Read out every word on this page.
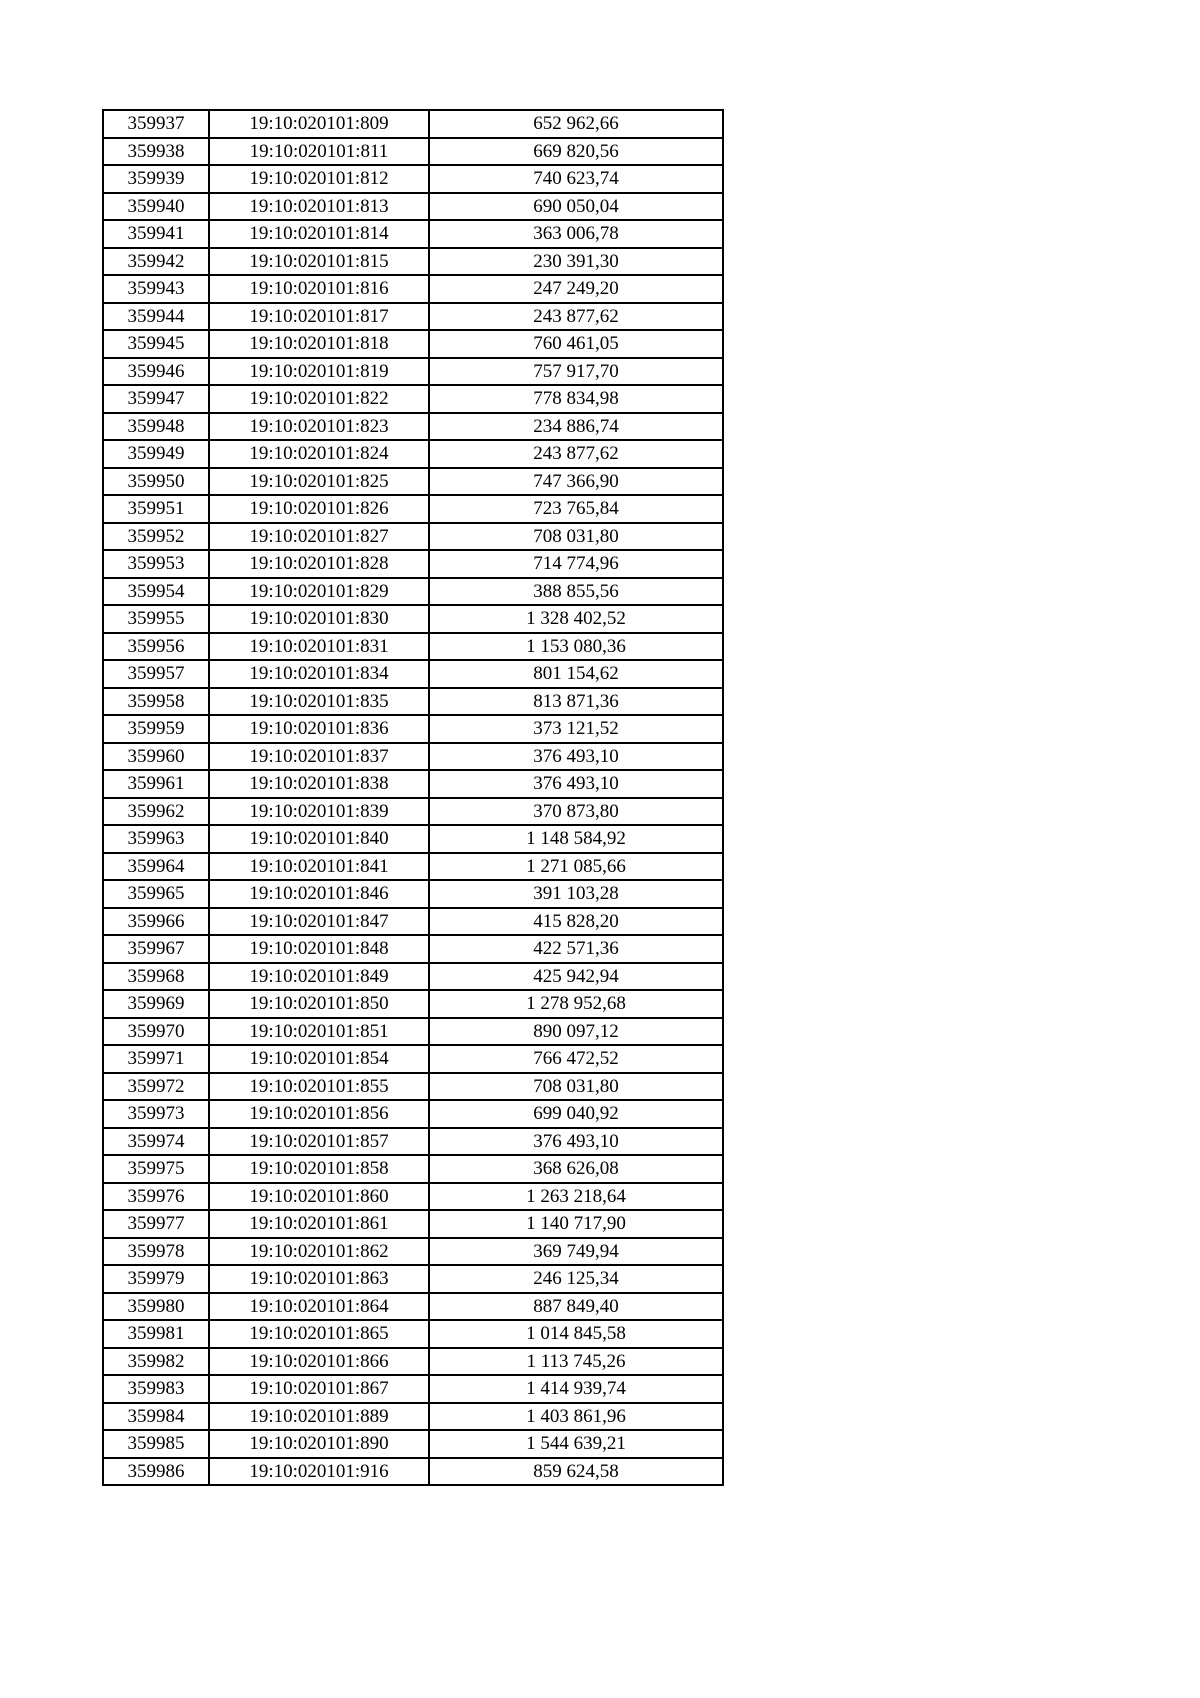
359937	19:10:020101:809	652 962,66
359938	19:10:020101:811	669 820,56
359939	19:10:020101:812	740 623,74
359940	19:10:020101:813	690 050,04
359941	19:10:020101:814	363 006,78
359942	19:10:020101:815	230 391,30
359943	19:10:020101:816	247 249,20
359944	19:10:020101:817	243 877,62
359945	19:10:020101:818	760 461,05
359946	19:10:020101:819	757 917,70
359947	19:10:020101:822	778 834,98
359948	19:10:020101:823	234 886,74
359949	19:10:020101:824	243 877,62
359950	19:10:020101:825	747 366,90
359951	19:10:020101:826	723 765,84
359952	19:10:020101:827	708 031,80
359953	19:10:020101:828	714 774,96
359954	19:10:020101:829	388 855,56
359955	19:10:020101:830	1 328 402,52
359956	19:10:020101:831	1 153 080,36
359957	19:10:020101:834	801 154,62
359958	19:10:020101:835	813 871,36
359959	19:10:020101:836	373 121,52
359960	19:10:020101:837	376 493,10
359961	19:10:020101:838	376 493,10
359962	19:10:020101:839	370 873,80
359963	19:10:020101:840	1 148 584,92
359964	19:10:020101:841	1 271 085,66
359965	19:10:020101:846	391 103,28
359966	19:10:020101:847	415 828,20
359967	19:10:020101:848	422 571,36
359968	19:10:020101:849	425 942,94
359969	19:10:020101:850	1 278 952,68
359970	19:10:020101:851	890 097,12
359971	19:10:020101:854	766 472,52
359972	19:10:020101:855	708 031,80
359973	19:10:020101:856	699 040,92
359974	19:10:020101:857	376 493,10
359975	19:10:020101:858	368 626,08
359976	19:10:020101:860	1 263 218,64
359977	19:10:020101:861	1 140 717,90
359978	19:10:020101:862	369 749,94
359979	19:10:020101:863	246 125,34
359980	19:10:020101:864	887 849,40
359981	19:10:020101:865	1 014 845,58
359982	19:10:020101:866	1 113 745,26
359983	19:10:020101:867	1 414 939,74
359984	19:10:020101:889	1 403 861,96
359985	19:10:020101:890	1 544 639,21
359986	19:10:020101:916	859 624,58
